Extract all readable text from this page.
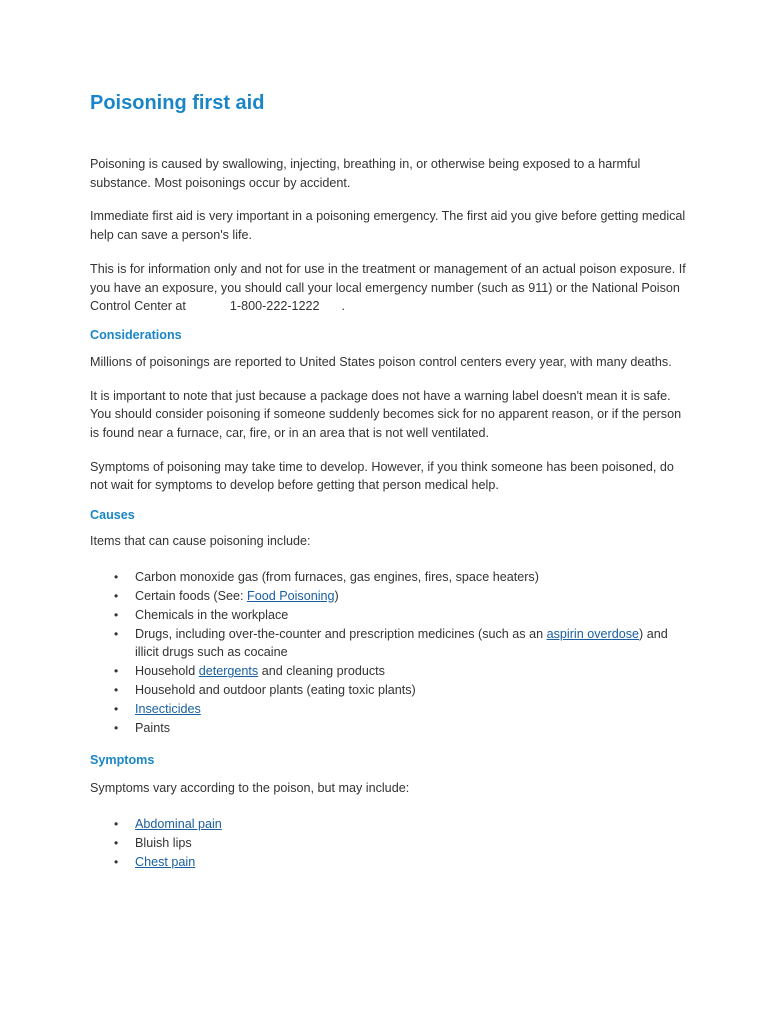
Poisoning first aid

Poisoning is caused by swallowing, injecting, breathing in, or otherwise being exposed to a harmful substance. Most poisonings occur by accident.

Immediate first aid is very important in a poisoning emergency. The first aid you give before getting medical help can save a person's life.

This is for information only and not for use in the treatment or management of an actual poison exposure. If you have an exposure, you should call your local emergency number (such as 911) or the National Poison Control Center at	1-800-222-1222 .

Considerations

Millions of poisonings are reported to United States poison control centers every year, with many deaths.

It is important to note that just because a package does not have a warning label doesn't mean it is safe. You should consider poisoning if someone suddenly becomes sick for no apparent reason, or if the person is found near a furnace, car, fire, or in an area that is not well ventilated.

Symptoms of poisoning may take time to develop. However, if you think someone has been poisoned, do not wait for symptoms to develop before getting that person medical help.

Causes

Items that can cause poisoning include:

• Carbon monoxide gas (from furnaces, gas engines, fires, space heaters)
• Certain foods (See: Food Poisoning)
• Chemicals in the workplace
• Drugs, including over-the-counter and prescription medicines (such as an aspirin overdose) and illicit drugs such as cocaine
• Household detergents and cleaning products
• Household and outdoor plants (eating toxic plants)
• Insecticides
• Paints
Symptoms

Symptoms vary according to the poison, but may include:

• Abdominal pain
• Bluish lips
• Chest pain
